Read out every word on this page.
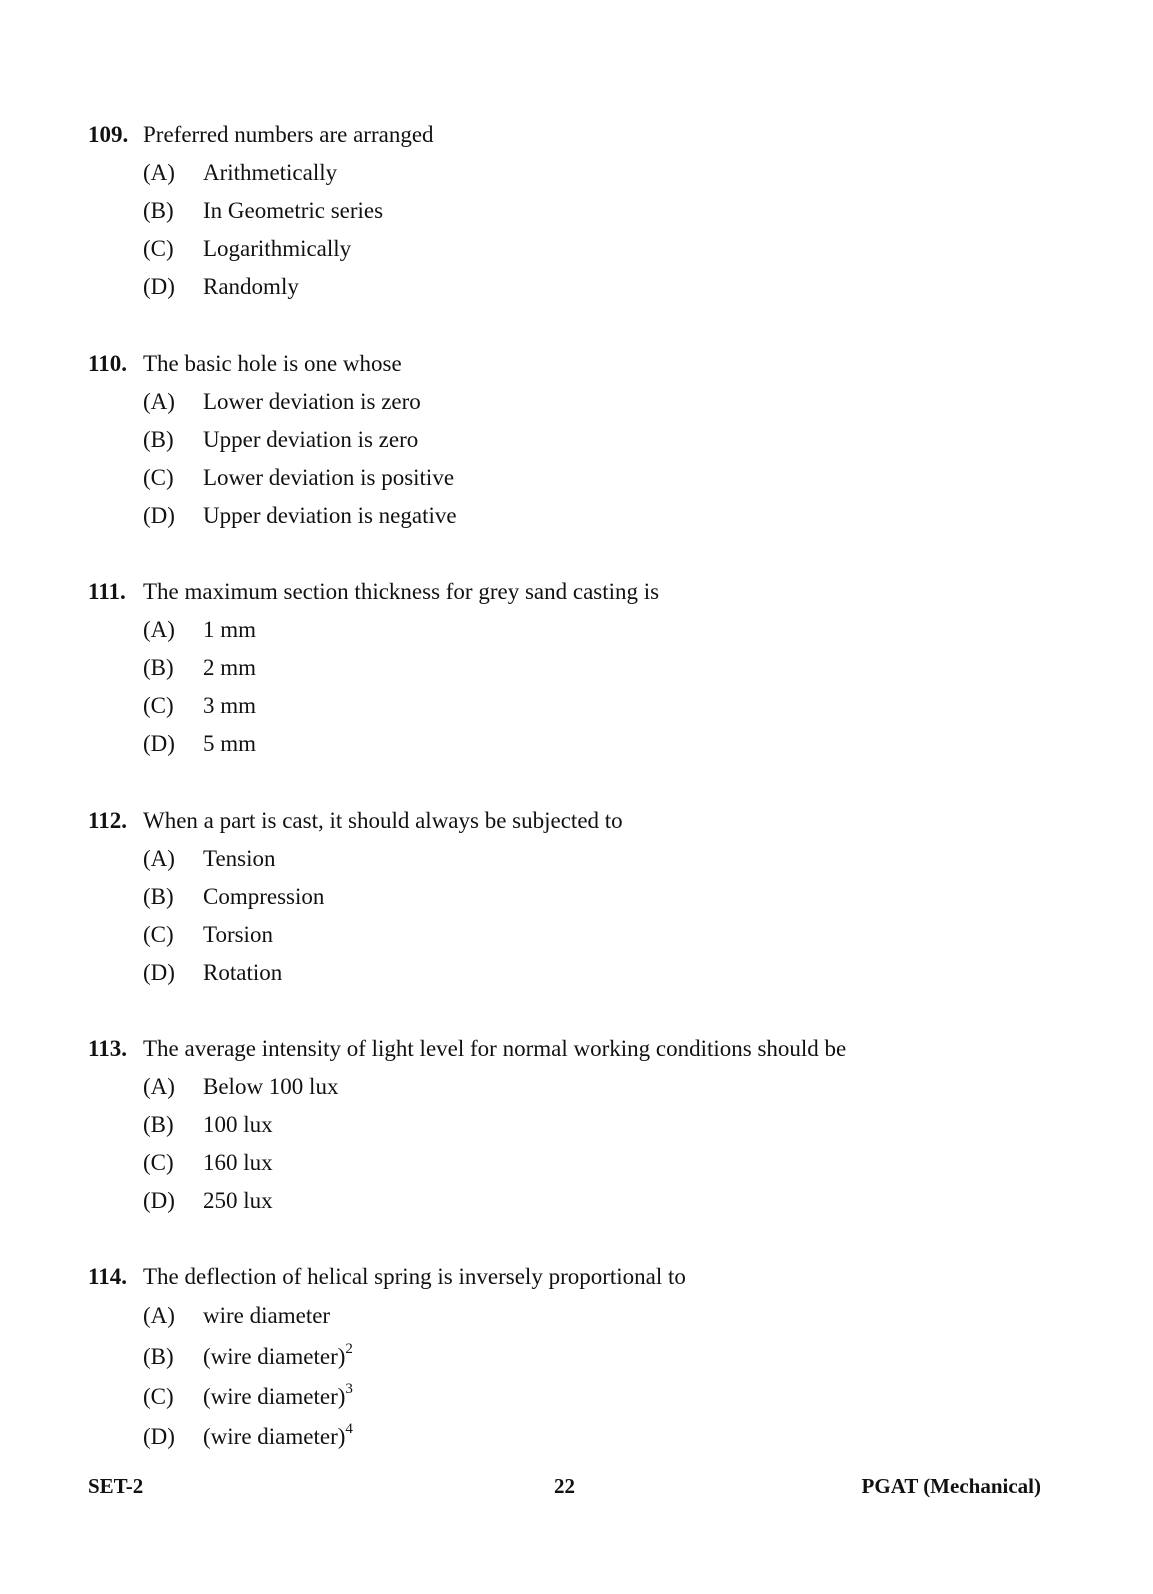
109. Preferred numbers are arranged
(A) Arithmetically
(B) In Geometric series
(C) Logarithmically
(D) Randomly
110. The basic hole is one whose
(A) Lower deviation is zero
(B) Upper deviation is zero
(C) Lower deviation is positive
(D) Upper deviation is negative
111. The maximum section thickness for grey sand casting is
(A) 1 mm
(B) 2 mm
(C) 3 mm
(D) 5 mm
112. When a part is cast, it should always be subjected to
(A) Tension
(B) Compression
(C) Torsion
(D) Rotation
113. The average intensity of light level for normal working conditions should be
(A) Below 100 lux
(B) 100 lux
(C) 160 lux
(D) 250 lux
114. The deflection of helical spring is inversely proportional to
(A) wire diameter
(B) (wire diameter)$^2$
(C) (wire diameter)$^3$
(D) (wire diameter)$^4$
SET-2	22	PGAT (Mechanical)
